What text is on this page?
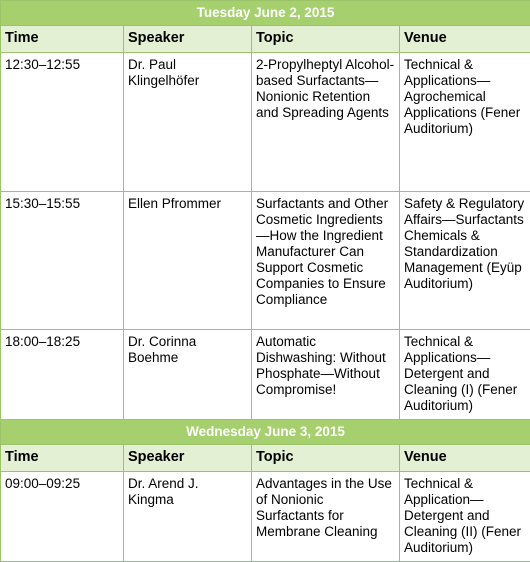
Tuesday June 2, 2015			
Time	Speaker	Topic	Venue
12:30–12:55	Dr. Paul Klingelhöfer	2-Propylheptyl Alcohol-based Surfactants—Nonionic Retention and Spreading Agents	Technical & Applications—Agrochemical Applications (Fener Auditorium)
15:30–15:55	Ellen Pfrommer	Surfactants and Other Cosmetic Ingredients—How the Ingredient Manufacturer Can Support Cosmetic Companies to Ensure Compliance	Safety & Regulatory Affairs—Surfactants Chemicals & Standardization Management (Eyüp Auditorium)
18:00–18:25	Dr. Corinna Boehme	Automatic Dishwashing: Without Phosphate—Without Compromise!	Technical & Applications—Detergent and Cleaning (I) (Fener Auditorium)
Wednesday June 3, 2015			
Time	Speaker	Topic	Venue
09:00–09:25	Dr. Arend J. Kingma	Advantages in the Use of Nonionic Surfactants for Membrane Cleaning	Technical & Application—Detergent and Cleaning (II) (Fener Auditorium)
